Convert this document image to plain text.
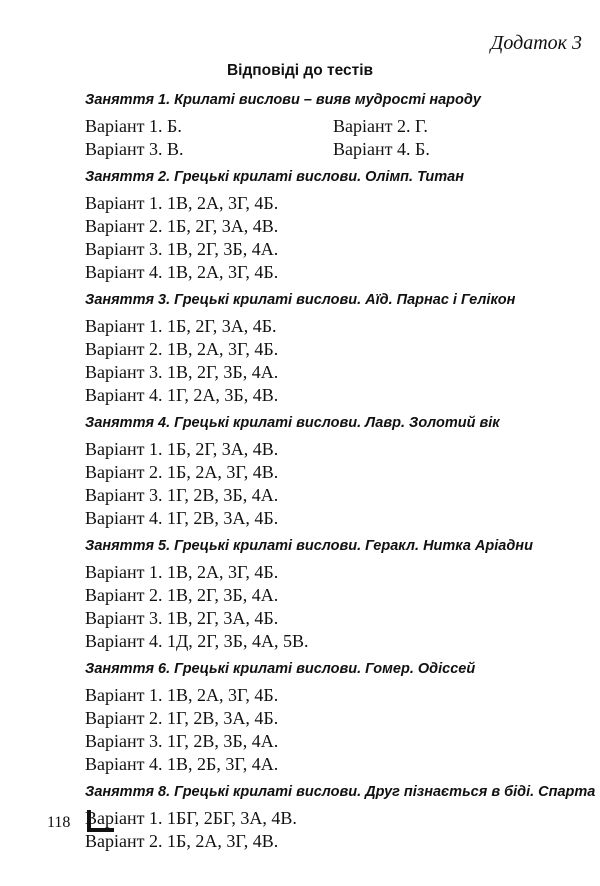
Додаток 3

Відповіді до тестів

Заняття 1. Крилаті вислови – вияв мудрості народу

Варіант 1. Б.	Варіант 2. Г.
Варіант 3. В.	Варіант 4. Б.

Заняття 2. Грецькі крилаті вислови. Олімп. Титан

Варіант 1. 1В, 2А, 3Г, 4Б.
Варіант 2. 1Б, 2Г, 3А, 4В.
Варіант 3. 1В, 2Г, 3Б, 4А.
Варіант 4. 1В, 2А, 3Г, 4Б.

Заняття 3. Грецькі крилаті вислови. Аїд. Парнас і Гелікон

Варіант 1. 1Б, 2Г, 3А, 4Б.
Варіант 2. 1В, 2А, 3Г, 4Б.
Варіант 3. 1В, 2Г, 3Б, 4А.
Варіант 4. 1Г, 2А, 3Б, 4В.

Заняття 4. Грецькі крилаті вислови. Лавр. Золотий вік

Варіант 1. 1Б, 2Г, 3А, 4В.
Варіант 2. 1Б, 2А, 3Г, 4В.
Варіант 3. 1Г, 2В, 3Б, 4А.
Варіант 4. 1Г, 2В, 3А, 4Б.

Заняття 5. Грецькі крилаті вислови. Геракл. Нитка Аріадни

Варіант 1. 1В, 2А, 3Г, 4Б.
Варіант 2. 1В, 2Г, 3Б, 4А.
Варіант 3. 1В, 2Г, 3А, 4Б.
Варіант 4. 1Д, 2Г, 3Б, 4А, 5В.

Заняття 6. Грецькі крилаті вислови. Гомер. Одіссей

Варіант 1. 1В, 2А, 3Г, 4Б.
Варіант 2. 1Г, 2В, 3А, 4Б.
Варіант 3. 1Г, 2В, 3Б, 4А.
Варіант 4. 1В, 2Б, 3Г, 4А.

Заняття 8. Грецькі крилаті вислови. Друг пізнається в біді. Спарта

Варіант 1. 1БГ, 2БГ, 3А, 4В.
Варіант 2. 1Б, 2А, 3Г, 4В.

118
